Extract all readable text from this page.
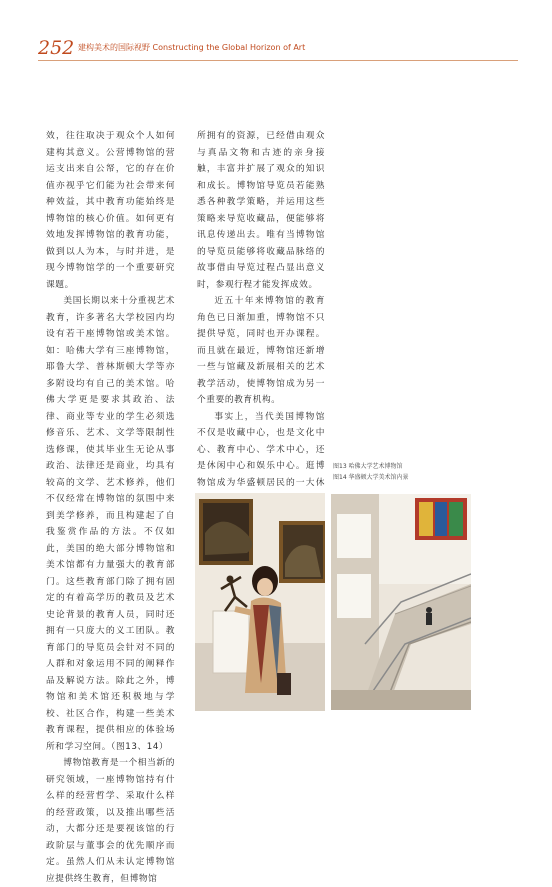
252 建构美术的国际视野 Constructing the Global Horizon of Art

效，往往取决于观众个人如何建构其意义。公营博物馆的营运支出来自公帑，它的存在价值亦视乎它们能为社会带来何种效益，其中教育功能始终是博物馆的核心价值。如何更有效地发挥博物馆的教育功能，做到以人为本，与时并进，是现今博物馆学的一个重要研究课题。

美国长期以来十分重视艺术教育，许多著名大学校园内均设有若干座博物馆或美术馆。如：哈佛大学有三座博物馆，耶鲁大学、普林斯顿大学等亦多附设均有自己的美术馆。哈佛大学更是要求其政治、法律、商业等专业的学生必须选修音乐、艺术、文学等限制性选修课，使其毕业生无论从事政治、法律还是商业，均具有较高的文学、艺术修养，他们不仅经常在博物馆的氛围中来到美学修养，而且构建起了自我鉴赏作品的方法。不仅如此，美国的绝大部分博物馆和美术馆都有力量强大的教育部门。这些教育部门除了拥有固定的有着高学历的教员及艺术史论背景的教育人员，同时还拥有一只庞大的义工团队。教育部门的导览员会针对不同的人群和对象运用不同的阐释作品及解说方法。除此之外，博物馆和美术馆还积极地与学校、社区合作，构建一些美术教育课程，提供相应的体验场所和学习空间。（图13、14）

博物馆教育是一个相当新的研究领域，一座博物馆持有什么样的经营哲学、采取什么样的经营政策，以及推出哪些活动，大都分还是要视该馆的行政阶层与董事会的优先顺序而定。虽然人们从未认定博物馆应提供终生教育，但博物馆

所拥有的资源，已经借由观众与真品文物和古迹的亲身接触，丰富并扩展了观众的知识和成长。博物馆导览员若能熟悉各种教学策略，并运用这些策略来导览收藏品，便能够将讯息传递出去。唯有当博物馆的导览员能够将收藏品脉络的故事借由导览过程凸显出意义时，参观行程才能发挥成效。

近五十年来博物馆的教育角色已日渐加重，博物馆不只提供导览，同时也开办课程。而且就在最近，博物馆还新增一些与馆藏及新展相关的艺术教学活动，使博物馆成为另一个重要的教育机构。

事实上，当代美国博物馆不仅是收藏中心，也是文化中心、教育中心、学术中心，还是休闲中心和娱乐中心。逛博物馆成为华盛顿居民的一大休

图13 哈佛大学艺术博物馆
图14 华盛顿大学美术馆内景
